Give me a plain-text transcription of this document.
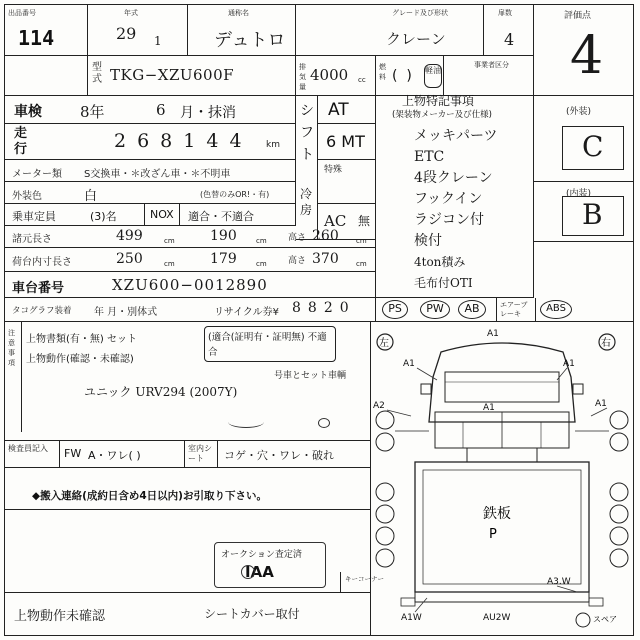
出品番号
114
年式
29 1
通称名
デュトロ
グレード及び形状
クレーン
扉数
4
評価点
4
型式 TKG−XZU600F	排気量
4000 cc
燃料 (  ) 軽油
事業者区分
車検	8年	6 月・抹消	シフト
AT	上物特記事項
(架装物メーカー及び仕様)
メッキパーツ
ETC
4段クレーン
フックイン
ラジコン付
検付
4ton積み
毛布付OTI
(外装)
C
(内装)
B
走行	268144 km	6 MT
メーター類 S交換車・＊改ざん車・＊不明車	特殊
外装色	白	(色替のみOR!・有)	冷房
AC 無
乗車定員	(3)名	NOX 適合・不適合
諸元長さ	499	cm	190	cm 高さ 260 cm
荷台内寸長さ	250	cm	179	cm 高さ 370 cm
車台番号	XZU600−0012890
タコグラフ装着 年 月・別体式	リサイクル券¥ 8820	PS	PW	AB	エアーブレーキ	ABS
注意事項
上物書類(有・無) セット	(適合(証明有・証明無) 不適合
上物動作(確認・未確認)
号車とセット車輌
ユニック URV294 (2007Y)
検査員記入	FW A・ワレ( )
室内シート	コゲ・穴・ワレ・破れ
◆搬入連絡(成約日含め4日以内)お引取り下さい。
オークション査定済
IAA	キーコーナー
上物動作未確認	シートカバー取付
左	右
スペア
鉄板
P
A1
A1
A1	A1
A2	A1
A1W	AU2W
A3.W
